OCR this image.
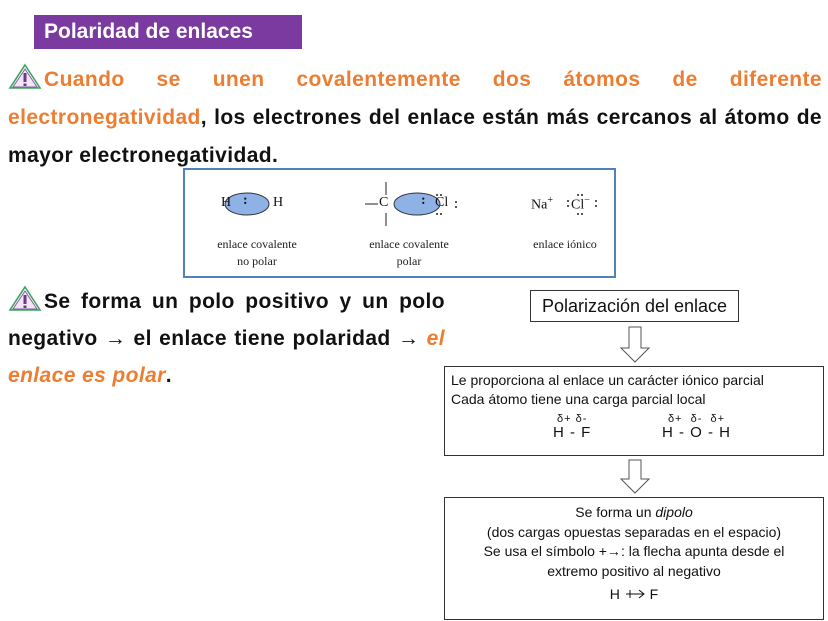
Polaridad de enlaces
Cuando se unen covalentemente dos átomos de diferente electronegatividad, los electrones del enlace están más cercanos al átomo de mayor electronegatividad.
H : H	C : Cl	Na+ Cl−
enlace covalente
no polar
enlace covalente
polar
enlace iónico
Se forma un polo positivo y un polo negativo → el enlace tiene polaridad → el enlace es polar.
Polarización del enlace
Le proporciona al enlace un carácter iónico parcial
Cada átomo tiene una carga parcial local
δ+ δ-
H - F
δ+  δ-  δ+
H - O - H
Se forma un dipolo
(dos cargas opuestas separadas en el espacio)
Se usa el símbolo +→: la flecha apunta desde el
extremo positivo al negativo
H F
